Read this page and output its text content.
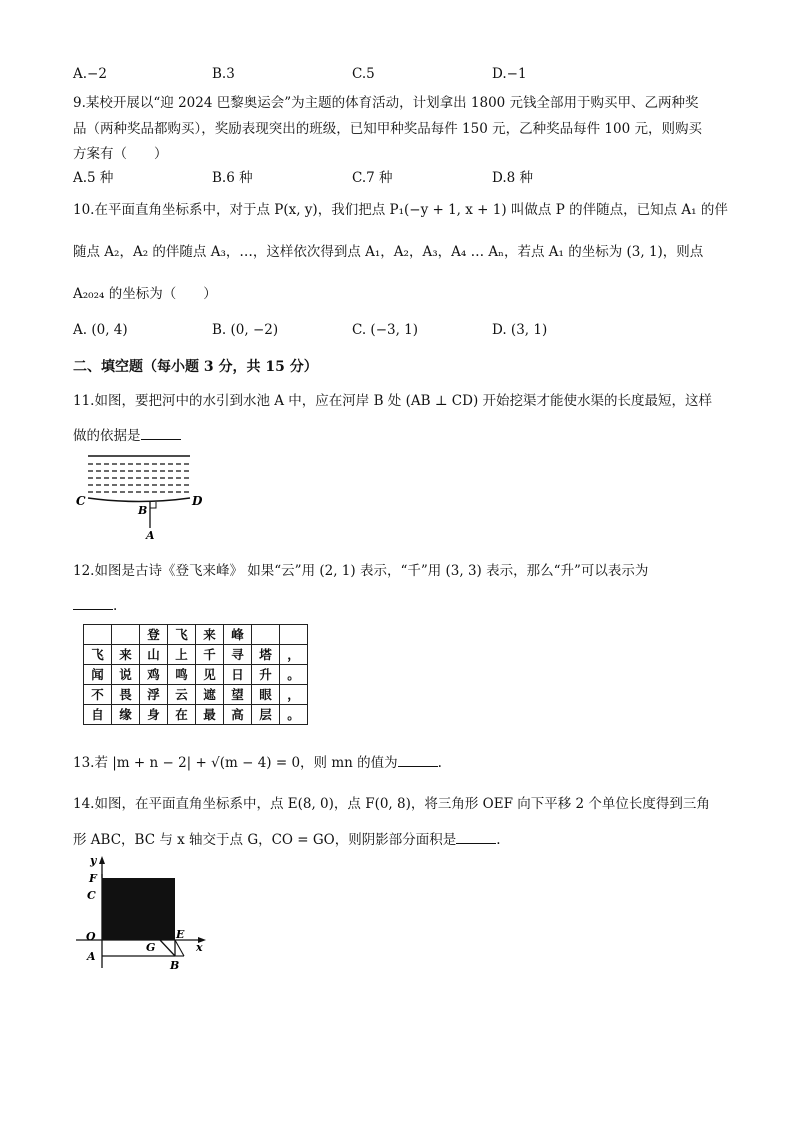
A.−2	B.3	C.5	D.−1
9.某校开展以“迎 2024 巴黎奥运会”为主题的体育活动，计划拿出 1800 元钱全部用于购买甲、乙两种奖
品（两种奖品都购买），奖励表现突出的班级，已知甲种奖品每件 150 元，乙种奖品每件 100 元，则购买
方案有（　　）
A.5 种	B.6 种	C.7 种	D.8 种
10.在平面直角坐标系中，对于点 P(x, y)，我们把点 P₁(−y + 1, x + 1) 叫做点 P 的伴随点，已知点 A₁ 的伴
随点 A₂，A₂ 的伴随点 A₃，…，这样依次得到点 A₁，A₂，A₃，A₄ … Aₙ，若点 A₁ 的坐标为 (3, 1)，则点
A₂₀₂₄ 的坐标为（　　）
A. (0, 4)	B. (0, −2)	C. (−3, 1)	D. (3, 1)
二、填空题（每小题 3 分，共 15 分）
11.如图，要把河中的水引到水池 A 中，应在河岸 B 处 (AB ⊥ CD) 开始挖渠才能使水渠的长度最短，这样
做的依据是
C	D
B
A
12.如图是古诗《登飞来峰》 如果“云”用 (2, 1) 表示，“千”用 (3, 3) 表示，那么“升”可以表示为
.
		登	飞	来	峰		
飞	来	山	上	千	寻	塔	，
闻	说	鸡	鸣	见	日	升	。
不	畏	浮	云	遮	望	眼	，
自	缘	身	在	最	高	层	。
13.若 |m + n − 2| + √(m − 4) = 0，则 mn 的值为	.
14.如图，在平面直角坐标系中，点 E(8, 0)，点 F(0, 8)，将三角形 OEF 向下平移 2 个单位长度得到三角
形 ABC，BC 与 x 轴交于点 G，CO = GO，则阴影部分面积是	.
y
F
C
O
A
G
E
x
B
